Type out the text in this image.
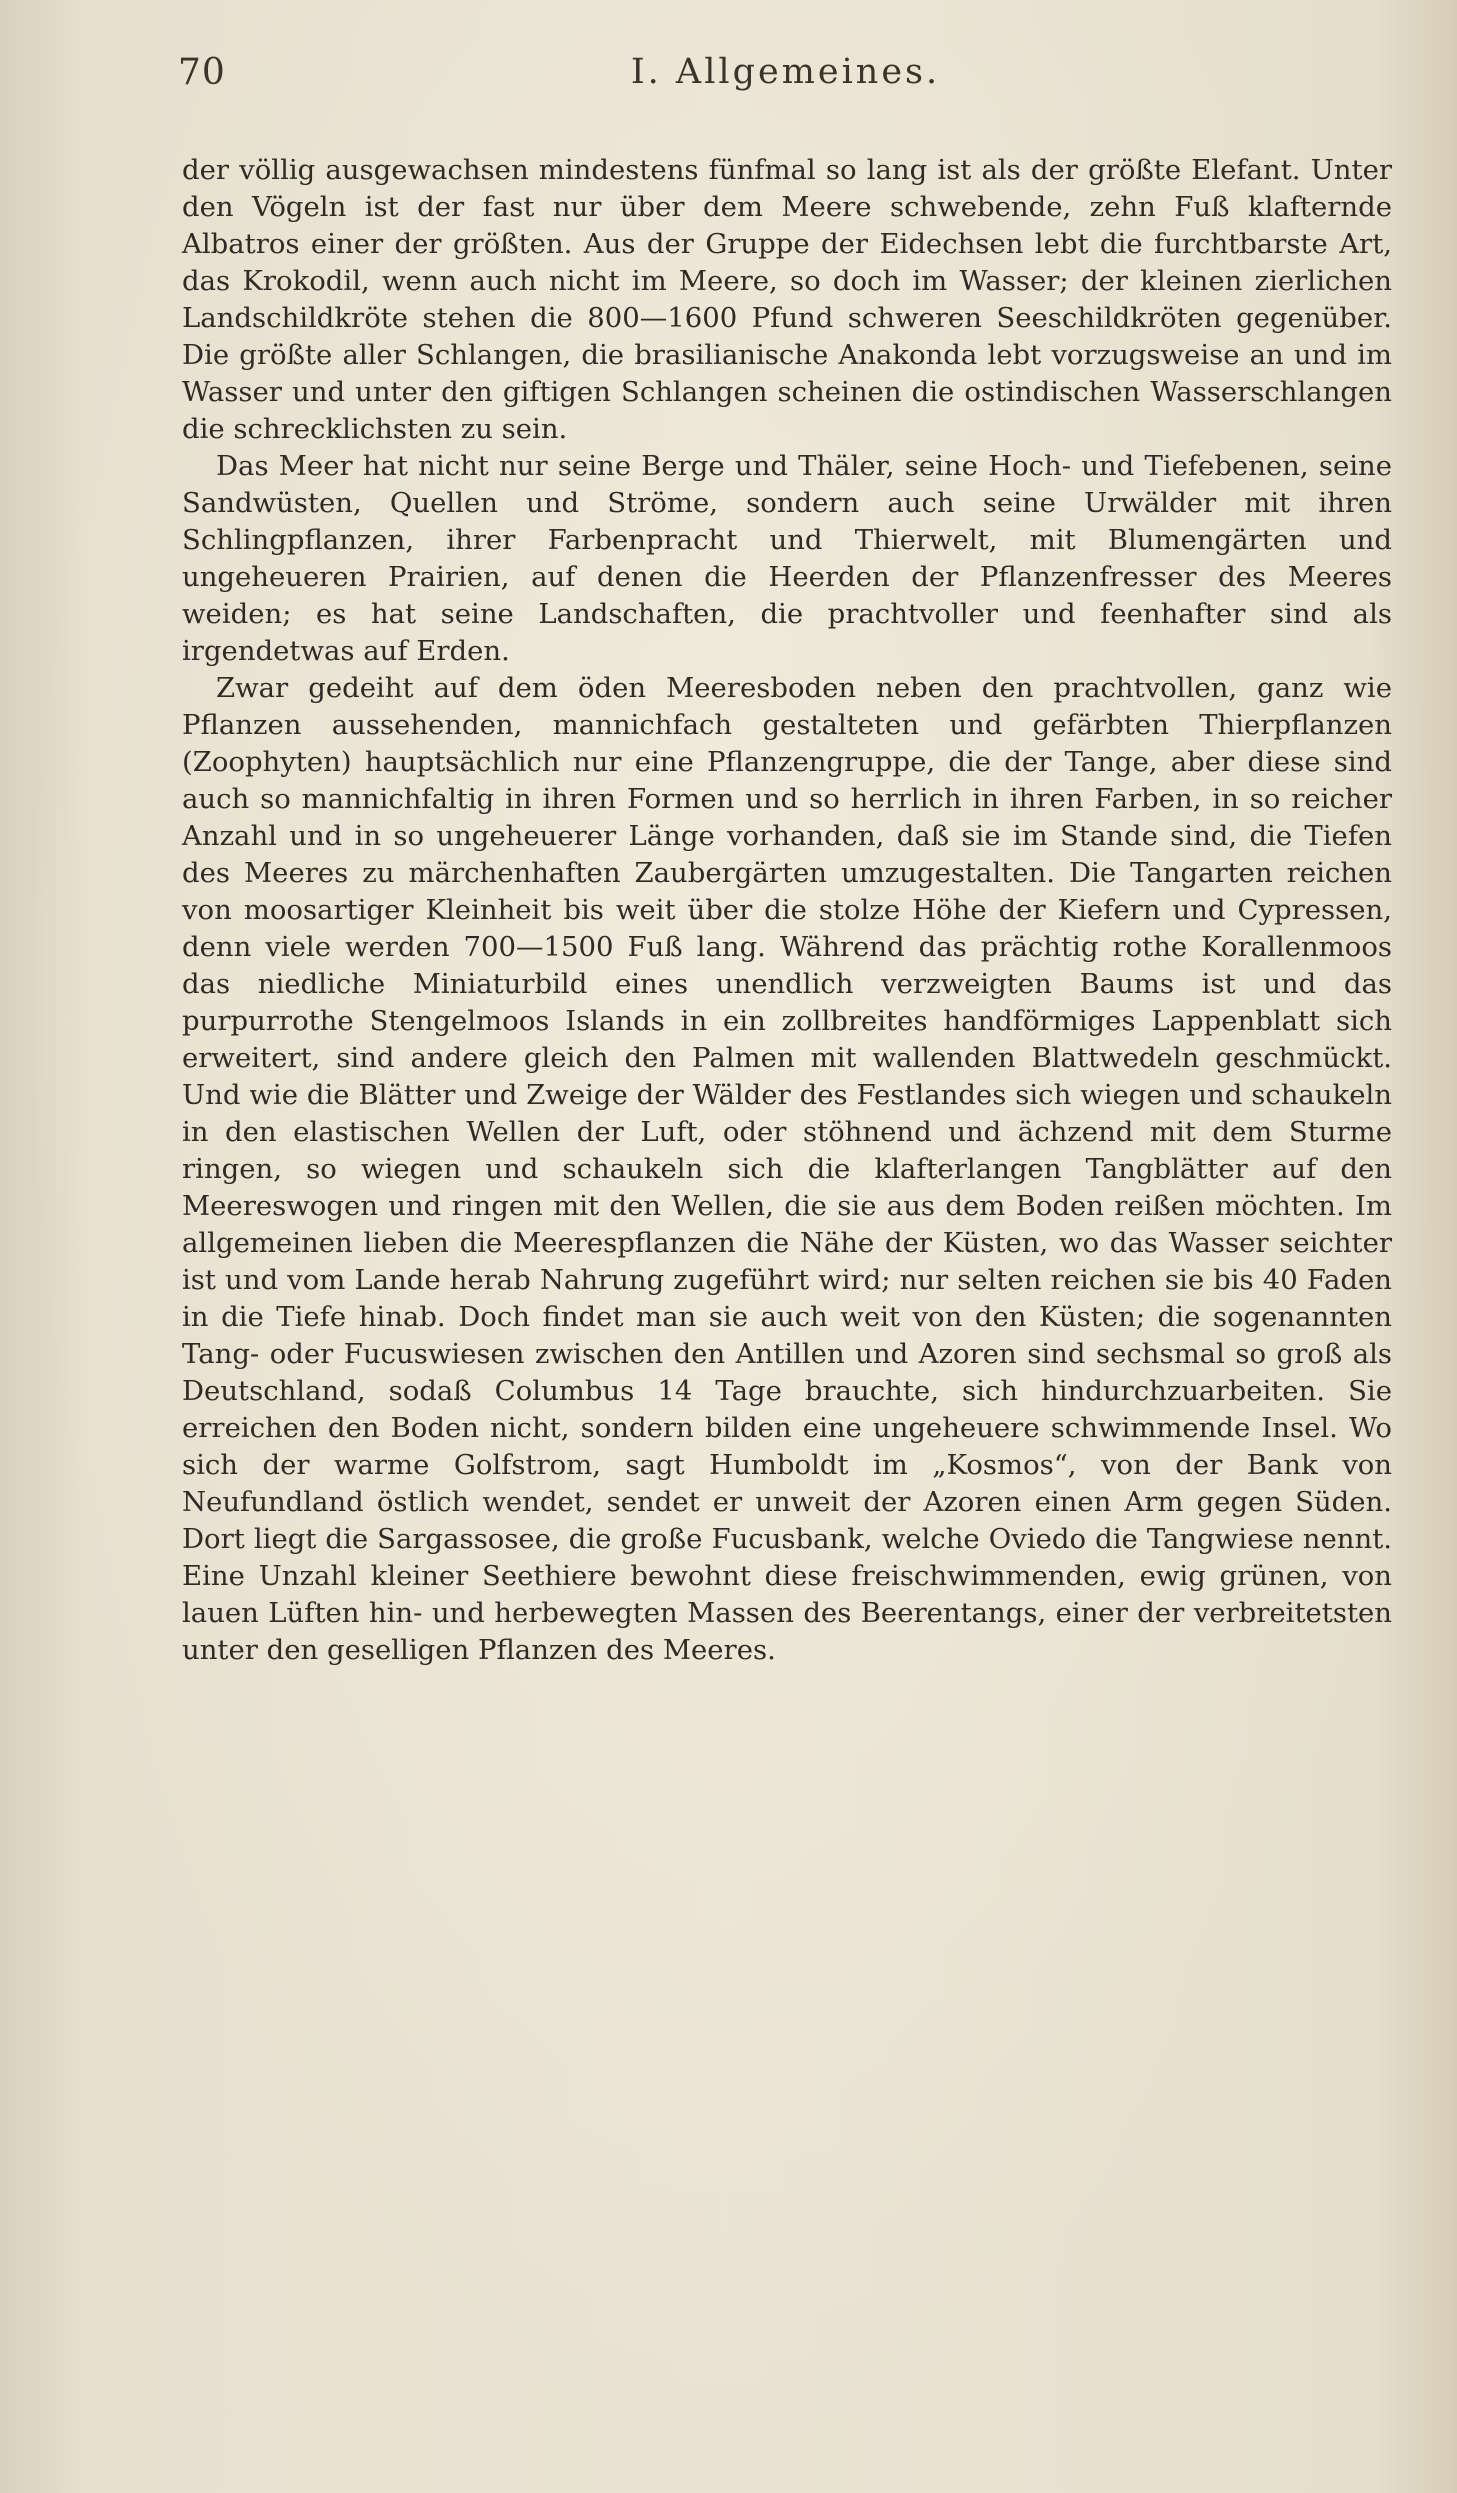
70	I. Allgemeines.

der völlig ausgewachsen mindestens fünfmal so lang ist als der größte Elefant. Unter den Vögeln ist der fast nur über dem Meere schwebende, zehn Fuß klafternde Albatros einer der größten. Aus der Gruppe der Eidechsen lebt die furchtbarste Art, das Krokodil, wenn auch nicht im Meere, so doch im Wasser; der kleinen zierlichen Landschildkröte stehen die 800—1600 Pfund schweren Seeschildkröten gegenüber. Die größte aller Schlangen, die brasilianische Anakonda lebt vorzugsweise an und im Wasser und unter den giftigen Schlangen scheinen die ostindischen Wasserschlangen die schrecklichsten zu sein.

Das Meer hat nicht nur seine Berge und Thäler, seine Hoch- und Tiefebenen, seine Sandwüsten, Quellen und Ströme, sondern auch seine Urwälder mit ihren Schlingpflanzen, ihrer Farbenpracht und Thierwelt, mit Blumengärten und ungeheueren Prairien, auf denen die Heerden der Pflanzenfresser des Meeres weiden; es hat seine Landschaften, die prachtvoller und feenhafter sind als irgendetwas auf Erden.

Zwar gedeiht auf dem öden Meeresboden neben den prachtvollen, ganz wie Pflanzen aussehenden, mannichfach gestalteten und gefärbten Thierpflanzen (Zoophyten) hauptsächlich nur eine Pflanzengruppe, die der Tange, aber diese sind auch so mannichfaltig in ihren Formen und so herrlich in ihren Farben, in so reicher Anzahl und in so ungeheuerer Länge vorhanden, daß sie im Stande sind, die Tiefen des Meeres zu märchenhaften Zaubergärten umzugestalten. Die Tangarten reichen von moosartiger Kleinheit bis weit über die stolze Höhe der Kiefern und Cypressen, denn viele werden 700—1500 Fuß lang. Während das prächtig rothe Korallenmoos das niedliche Miniaturbild eines unendlich verzweigten Baums ist und das purpurrothe Stengelmoos Islands in ein zollbreites handförmiges Lappenblatt sich erweitert, sind andere gleich den Palmen mit wallenden Blattwedeln geschmückt. Und wie die Blätter und Zweige der Wälder des Festlandes sich wiegen und schaukeln in den elastischen Wellen der Luft, oder stöhnend und ächzend mit dem Sturme ringen, so wiegen und schaukeln sich die klafterlangen Tangblätter auf den Meereswogen und ringen mit den Wellen, die sie aus dem Boden reißen möchten. Im allgemeinen lieben die Meerespflanzen die Nähe der Küsten, wo das Wasser seichter ist und vom Lande herab Nahrung zugeführt wird; nur selten reichen sie bis 40 Faden in die Tiefe hinab. Doch findet man sie auch weit von den Küsten; die sogenannten Tang- oder Fucuswiesen zwischen den Antillen und Azoren sind sechsmal so groß als Deutschland, sodaß Columbus 14 Tage brauchte, sich hindurchzuarbeiten. Sie erreichen den Boden nicht, sondern bilden eine ungeheuere schwimmende Insel. Wo sich der warme Golfstrom, sagt Humboldt im „Kosmos“, von der Bank von Neufundland östlich wendet, sendet er unweit der Azoren einen Arm gegen Süden. Dort liegt die Sargassosee, die große Fucusbank, welche Oviedo die Tangwiese nennt. Eine Unzahl kleiner Seethiere bewohnt diese freischwimmenden, ewig grünen, von lauen Lüften hin- und herbewegten Massen des Beerentangs, einer der verbreitetsten unter den geselligen Pflanzen des Meeres.
